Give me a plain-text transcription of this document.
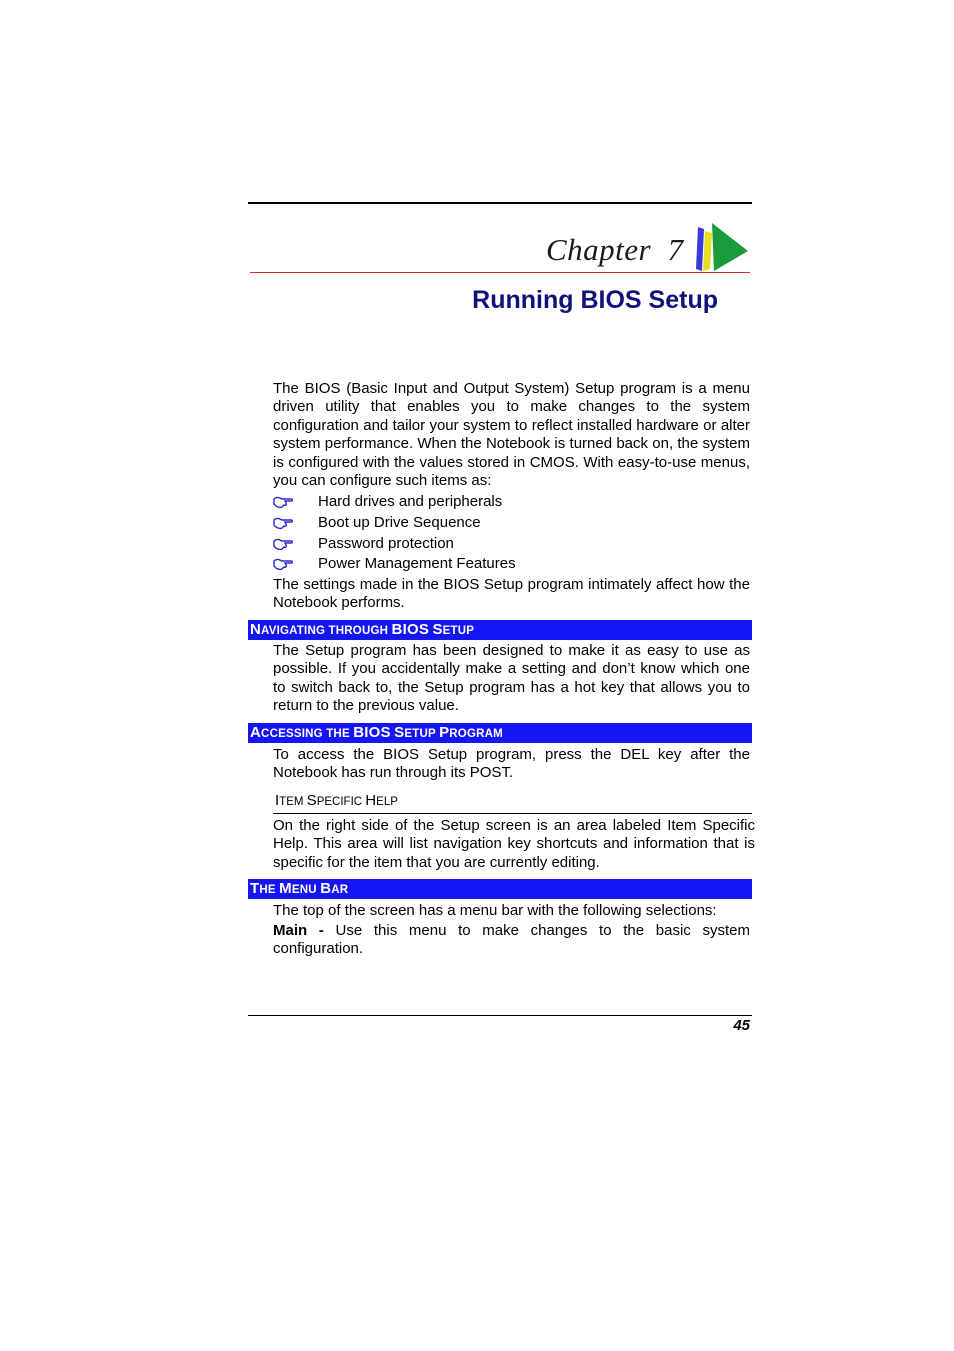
Chapter  7
Running BIOS Setup
The BIOS (Basic Input and Output System) Setup program is a menu driven utility that enables you to make changes to the system configuration and tailor your system to reflect installed hardware or alter system performance. When the Notebook is turned back on, the system is configured with the values stored in CMOS. With easy-to-use menus, you can configure such items as:
Hard drives and peripherals
Boot up Drive Sequence
Password protection
Power Management Features
The settings made in the BIOS Setup program intimately affect how the Notebook performs.
NAVIGATING THROUGH BIOS SETUP
The Setup program has been designed to make it as easy to use as possible. If you accidentally make a setting and don’t know which one to switch back to, the Setup program has a hot key that allows you to return to the previous value.
ACCESSING THE BIOS SETUP PROGRAM
To access the BIOS Setup program, press the DEL key after the Notebook has run through its POST.
ITEM SPECIFIC HELP
On the right side of the Setup screen is an area labeled Item Specific Help. This area will list navigation key shortcuts and information that is specific for the item that you are currently editing.
THE MENU BAR
The top of the screen has a menu bar with the following selections:
Main - Use this menu to make changes to the basic system configuration.
45
